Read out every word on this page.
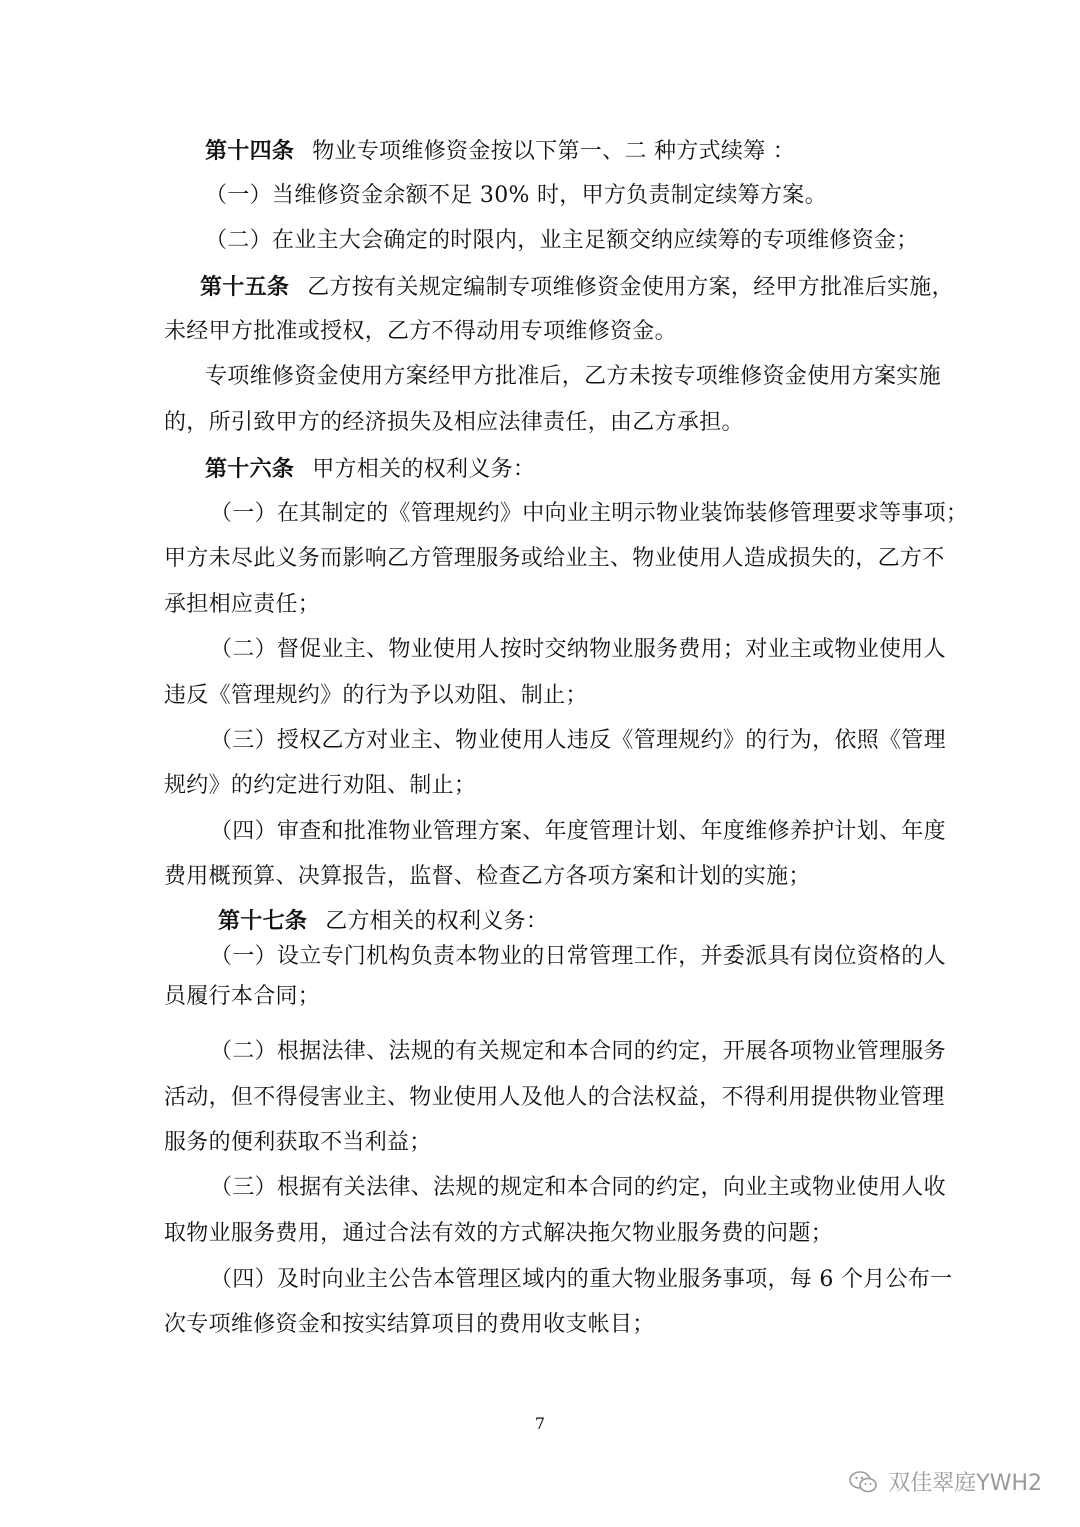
第十四条 物业专项维修资金按以下第一、二 种方式续筹 ：
（一）当维修资金余额不足 30% 时，甲方负责制定续筹方案。
（二）在业主大会确定的时限内，业主足额交纳应续筹的专项维修资金；
第十五条 乙方按有关规定编制专项维修资金使用方案，经甲方批准后实施，
未经甲方批准或授权，乙方不得动用专项维修资金。
专项维修资金使用方案经甲方批准后，乙方未按专项维修资金使用方案实施
的，所引致甲方的经济损失及相应法律责任，由乙方承担。
第十六条 甲方相关的权利义务：
（一）在其制定的《管理规约》中向业主明示物业装饰装修管理要求等事项；
甲方未尽此义务而影响乙方管理服务或给业主、物业使用人造成损失的，乙方不
承担相应责任；
（二）督促业主、物业使用人按时交纳物业服务费用；对业主或物业使用人
违反《管理规约》的行为予以劝阻、制止；
（三）授权乙方对业主、物业使用人违反《管理规约》的行为，依照《管理
规约》的约定进行劝阻、制止；
（四）审查和批准物业管理方案、年度管理计划、年度维修养护计划、年度
费用概预算、决算报告，监督、检查乙方各项方案和计划的实施；
第十七条 乙方相关的权利义务：
（一）设立专门机构负责本物业的日常管理工作，并委派具有岗位资格的人
员履行本合同；
（二）根据法律、法规的有关规定和本合同的约定，开展各项物业管理服务
活动，但不得侵害业主、物业使用人及他人的合法权益，不得利用提供物业管理
服务的便利获取不当利益；
（三）根据有关法律、法规的规定和本合同的约定，向业主或物业使用人收
取物业服务费用，通过合法有效的方式解决拖欠物业服务费的问题；
（四）及时向业主公告本管理区域内的重大物业服务事项，每 6 个月公布一
次专项维修资金和按实结算项目的费用收支帐目；
7
双佳翠庭YWH2
